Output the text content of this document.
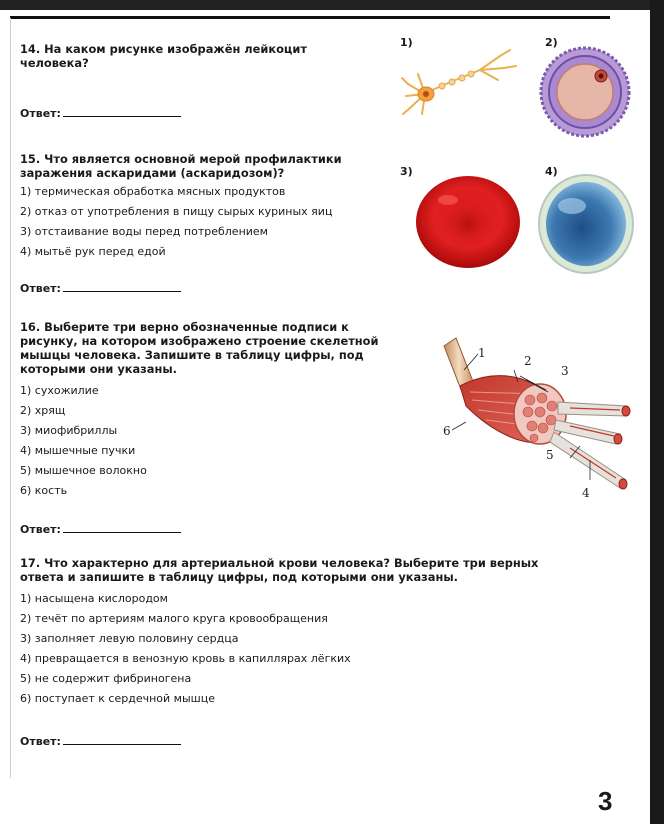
14. На каком рисунке изображён лейкоцит человека?
Ответ:
1)	2)
3)	4)
15. Что является основной мерой профилактики заражения аскаридами (аскаридозом)?
1) термическая обработка мясных продуктов
2) отказ от употребления в пищу сырых куриных яиц
3) отстаивание воды перед потреблением
4) мытьё рук перед едой
Ответ:
16. Выберите три верно обозначенные подписи к рисунку, на котором изображено строение скелетной мышцы человека. Запишите в таблицу цифры, под которыми они указаны.
1) сухожилие
2) хрящ
3) миофибриллы
4) мышечные пучки
5) мышечное волокно
6) кость
Ответ:
1
2
3
4
5
6
17. Что характерно для артериальной крови человека? Выберите три верных ответа и запишите в таблицу цифры, под которыми они указаны.
1) насыщена кислородом
2) течёт по артериям малого круга кровообращения
3) заполняет левую половину сердца
4) превращается в венозную кровь в капиллярах лёгких
5) не содержит фибриногена
6) поступает к сердечной мышце
Ответ:
3
